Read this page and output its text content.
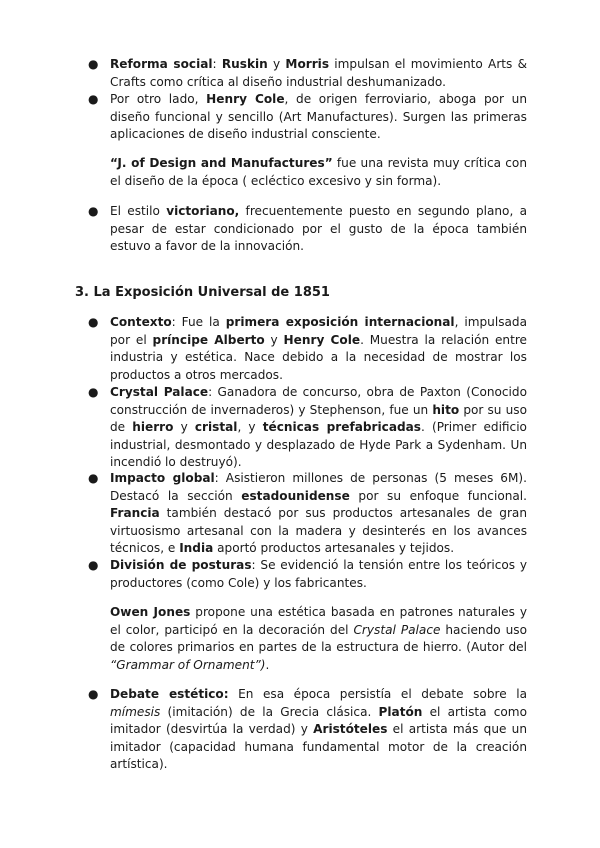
● Reforma social: Ruskin y Morris impulsan el movimiento Arts & Crafts como crítica al diseño industrial deshumanizado.

● Por otro lado, Henry Cole, de origen ferroviario, aboga por un diseño funcional y sencillo (Art Manufactures). Surgen las primeras aplicaciones de diseño industrial consciente.

“J. of Design and Manufactures” fue una revista muy crítica con el diseño de la época ( ecléctico excesivo y sin forma).

● El estilo victoriano, frecuentemente puesto en segundo plano, a pesar de estar condicionado por el gusto de la época también estuvo a favor de la innovación.

3. La Exposición Universal de 1851
● Contexto: Fue la primera exposición internacional, impulsada por el príncipe Alberto y Henry Cole. Muestra la relación entre industria y estética. Nace debido a la necesidad de mostrar los productos a otros mercados.

● Crystal Palace: Ganadora de concurso, obra de Paxton (Conocido construcción de invernaderos) y Stephenson, fue un hito por su uso de hierro y cristal, y técnicas prefabricadas. (Primer edificio industrial, desmontado y desplazado de Hyde Park a Sydenham. Un incendió lo destruyó).

● Impacto global: Asistieron millones de personas (5 meses 6M). Destacó la sección estadounidense por su enfoque funcional. Francia también destacó por sus productos artesanales de gran virtuosismo artesanal con la madera y desinterés en los avances técnicos, e India aportó productos artesanales y tejidos.

● División de posturas: Se evidenció la tensión entre los teóricos y productores (como Cole) y los fabricantes.

Owen Jones propone una estética basada en patrones naturales y el color, participó en la decoración del Crystal Palace haciendo uso de colores primarios en partes de la estructura de hierro. (Autor del “Grammar of Ornament”).

● Debate estético: En esa época persistía el debate sobre la mímesis (imitación) de la Grecia clásica. Platón el artista como imitador (desvirtúa la verdad) y Aristóteles el artista más que un imitador (capacidad humana fundamental motor de la creación artística).
